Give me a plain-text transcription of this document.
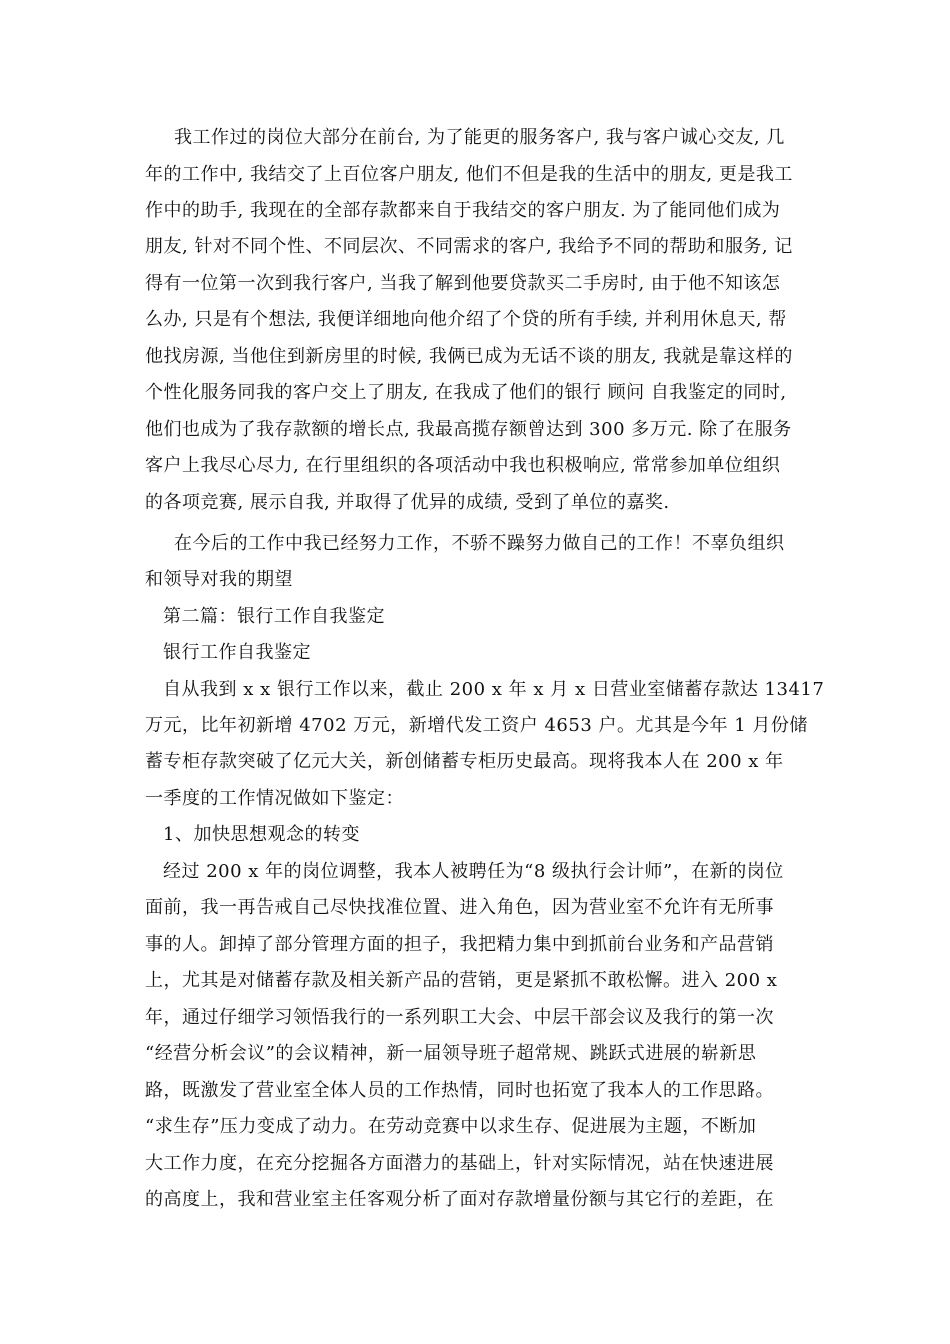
我工作过的岗位大部分在前台, 为了能更的服务客户, 我与客户诚心交友, 几
年的工作中, 我结交了上百位客户朋友, 他们不但是我的生活中的朋友, 更是我工
作中的助手, 我现在的全部存款都来自于我结交的客户朋友. 为了能同他们成为
朋友, 针对不同个性、不同层次、不同需求的客户, 我给予不同的帮助和服务, 记
得有一位第一次到我行客户, 当我了解到他要贷款买二手房时, 由于他不知该怎
么办, 只是有个想法, 我便详细地向他介绍了个贷的所有手续, 并利用休息天, 帮
他找房源, 当他住到新房里的时候, 我俩已成为无话不谈的朋友, 我就是靠这样的
个性化服务同我的客户交上了朋友, 在我成了他们的银行 顾问 自我鉴定的同时,
他们也成为了我存款额的增长点, 我最高揽存额曾达到 300 多万元. 除了在服务
客户上我尽心尽力, 在行里组织的各项活动中我也积极响应, 常常参加单位组织
的各项竞赛, 展示自我, 并取得了优异的成绩, 受到了单位的嘉奖.
在今后的工作中我已经努力工作，不骄不躁努力做自己的工作！不辜负组织
和领导对我的期望
第二篇：银行工作自我鉴定
银行工作自我鉴定
自从我到 x x 银行工作以来，截止 200 x 年 x 月 x 日营业室储蓄存款达 13417
万元，比年初新增 4702 万元，新增代发工资户 4653 户。尤其是今年 1 月份储
蓄专柜存款突破了亿元大关，新创储蓄专柜历史最高。现将我本人在 200 x 年
一季度的工作情况做如下鉴定：
1、加快思想观念的转变
经过 200 x 年的岗位调整，我本人被聘任为“8 级执行会计师”，在新的岗位
面前，我一再告戒自己尽快找准位置、进入角色，因为营业室不允许有无所事
事的人。卸掉了部分管理方面的担子，我把精力集中到抓前台业务和产品营销
上，尤其是对储蓄存款及相关新产品的营销，更是紧抓不敢松懈。进入 200 x
年，通过仔细学习领悟我行的一系列职工大会、中层干部会议及我行的第一次
“经营分析会议”的会议精神，新一届领导班子超常规、跳跃式进展的崭新思
路，既激发了营业室全体人员的工作热情，同时也拓宽了我本人的工作思路。
“求生存”压力变成了动力。在劳动竞赛中以求生存、促进展为主题，不断加
大工作力度，在充分挖掘各方面潜力的基础上，针对实际情况，站在快速进展
的高度上，我和营业室主任客观分析了面对存款增量份额与其它行的差距，在
